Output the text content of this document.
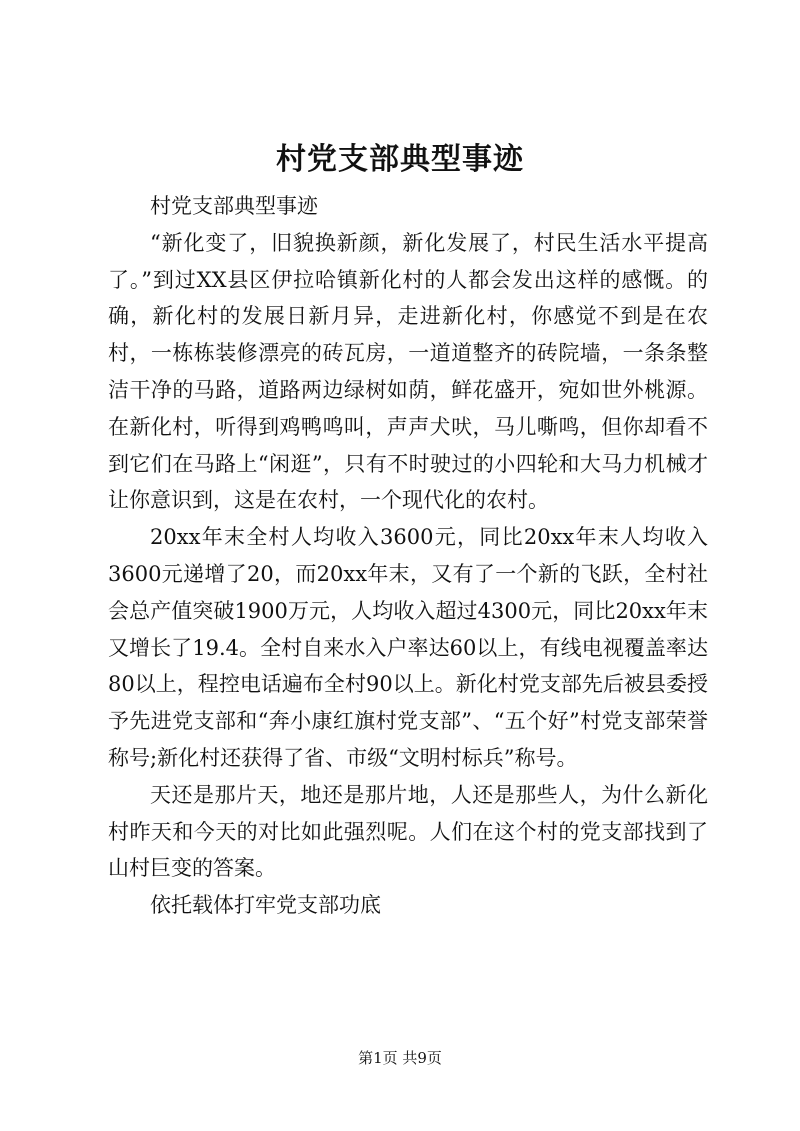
村党支部典型事迹

村党支部典型事迹

“新化变了，旧貌换新颜，新化发展了，村民生活水平提高了。”到过XX县区伊拉哈镇新化村的人都会发出这样的感慨。的确，新化村的发展日新月异，走进新化村，你感觉不到是在农村，一栋栋装修漂亮的砖瓦房，一道道整齐的砖院墙，一条条整洁干净的马路，道路两边绿树如荫，鲜花盛开，宛如世外桃源。在新化村，听得到鸡鸭鸣叫，声声犬吠，马儿嘶鸣，但你却看不到它们在马路上“闲逛”，只有不时驶过的小四轮和大马力机械才让你意识到，这是在农村，一个现代化的农村。

20xx年末全村人均收入3600元，同比20xx年末人均收入3600元递增了20，而20xx年末，又有了一个新的飞跃，全村社会总产值突破1900万元，人均收入超过4300元，同比20xx年末又增长了19.4。全村自来水入户率达60以上，有线电视覆盖率达80以上，程控电话遍布全村90以上。新化村党支部先后被县委授予先进党支部和“奔小康红旗村党支部”、“五个好”村党支部荣誉称号;新化村还获得了省、市级“文明村标兵”称号。

天还是那片天，地还是那片地，人还是那些人，为什么新化村昨天和今天的对比如此强烈呢。人们在这个村的党支部找到了山村巨变的答案。

依托载体打牢党支部功底

第1页 共9页
